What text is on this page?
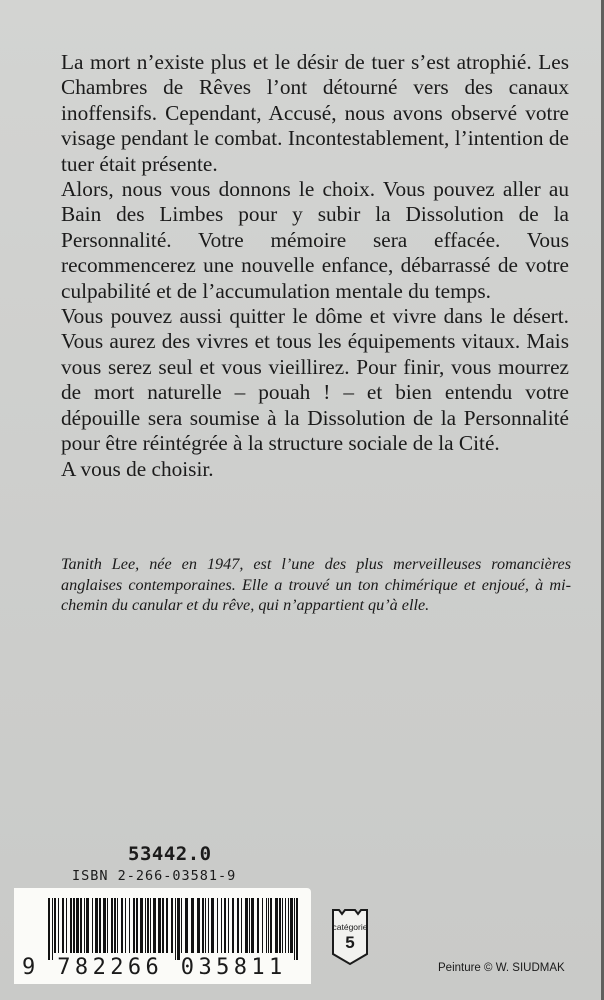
La mort n’existe plus et le désir de tuer s’est atrophié. Les Chambres de Rêves l’ont détourné vers des canaux inoffensifs. Cependant, Accusé, nous avons observé votre visage pendant le combat. Incontestablement, l’intention de tuer était présente.

Alors, nous vous donnons le choix. Vous pouvez aller au Bain des Limbes pour y subir la Dissolution de la Personnalité. Votre mémoire sera effacée. Vous recommencerez une nouvelle enfance, débarrassé de votre culpabilité et de l’accumulation mentale du temps.

Vous pouvez aussi quitter le dôme et vivre dans le désert. Vous aurez des vivres et tous les équipements vitaux. Mais vous serez seul et vous vieillirez. Pour finir, vous mourrez de mort naturelle – pouah ! – et bien entendu votre dépouille sera soumise à la Dissolution de la Personnalité pour être réintégrée à la structure sociale de la Cité.

A vous de choisir.

Tanith Lee, née en 1947, est l’une des plus merveilleuses romancières anglaises contemporaines. Elle a trouvé un ton chimérique et enjoué, à mi-chemin du canular et du rêve, qui n’appartient qu’à elle.
53442.0
ISBN 2-266-03581-9
9 782266 035811
catégorie
5
Peinture © W. SIUDMAK
